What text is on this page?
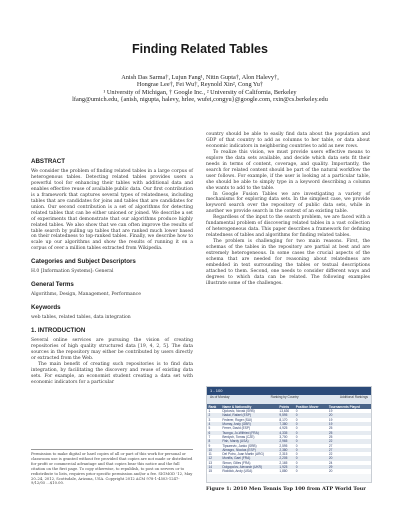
Finding Related Tables
Anish Das Sarma†, Lujun Fang¹, Nitin Gupta†, Alon Halevy†,
Hongrae Lee†, Fei Wu†, Reynold Xin², Cong Yu†
¹ University of Michigan, † Google Inc., ² University of California, Berkeley
lfang@umich.edu, {anish, nigupta, halevy, hrlee, wufei,congyu}@google.com, rxin@cs.berkeley.edu
ABSTRACT

We consider the problem of finding related tables in a large corpus of heterogenous tables. Detecting related tables provides users a powerful tool for enhancing their tables with additional data and enables effective reuse of available public data. Our first contribution is a framework that captures several types of relatedness, including tables that are candidates for joins and tables that are candidates for union. Our second contribution is a set of algorithms for detecting related tables that can be either unioned or joined. We describe a set of experiments that demonstrate that our algorithms produce highly related tables. We also show that we can often improve the results of table search by pulling up tables that are ranked much lower based on their relatedness to top-ranked tables. Finally, we describe how to scale up our algorithms and show the results of running it on a corpus of over a million tables extracted from Wikipedia.

Categories and Subject Descriptors

H.0 [Information Systems]: General

General Terms

Algorithms, Design, Management, Performance

Keywords

web tables, related tables, data integration

1. INTRODUCTION

Several online services are pursuing the vision of creating repositories of high quality structured data [19, 4, 2, 5]. The data sources in the repository may either be contributed by users directly or extracted from the Web.

The main benefit of creating such repositories is to find data integration, by facilitating the discovery and reuse of existing data sets. For example, an economist student creating a data set with economic indicators for a particular

Permission to make digital or hard copies of all or part of this work for personal or classroom use is granted without fee provided that copies are not made or distributed for profit or commercial advantage and that copies bear this notice and the full citation on the first page. To copy otherwise, to republish, to post on servers or to redistribute to lists, requires prior specific permission and/or a fee. SIGMOD '12, May 20–24, 2012, Scottsdale, Arizona, USA. Copyright 2012 ACM 978-1-4503-1247-9/12/05 ...$10.00.

country should be able to easily find data about the population and GDP of that country to add as columns to her table, or data about economic indicators in neighboring countries to add as new rows.

To realize this vision, we must provide users effective means to explore the data sets available, and decide which data sets fit their needs in terms of content, coverage, and quality. Importantly, the search for related content should be part of the natural workflow the user follows. For example, if the user is looking at a particular table, she should be able to simply type in a keyword describing a column she wants to add to the table.

In Google Fusion Tables we are investigating a variety of mechanisms for exploring data sets. In the simplest case, we provide keyword search over the repository of public data sets, while in another we provide search in the context of an existing table.

Regardless of the input to the search problem, we are faced with a fundamental problem of discovering related tables in a vast collection of heterogeneous data. This paper describes a framework for defining relatedness of tables and algorithms for finding related tables.

The problem is challenging for two main reasons. First, the schemas of the tables in the repository are partial at best and are extremely heterogeneous. In some cases the crucial aspects of the schema that are needed for reasoning about relatedness are embedded in text surrounding the tables or textual descriptions attached to them. Second, one needs to consider different ways and degrees to which data can be related. The following examples illustrate some of the challenges.

1 - 100
As of Monday	Ranking by Country	Additional Rankings
Rank	Name & Nationality	Points	Position Mover	Tournaments Played
1	Djokovic, Novak (SRB)	13,630	0	19
2	Nadal, Rafael (ESP)	9,595	0	20
3	Federer, Roger (SUI)	8,170	0	19
4	Murray, Andy (GBR)	7,380	0	19
5	Ferrer, David (ESP)	4,925	0	25
6	Tsonga, Jo-Wilfried (FRA)	4,335	0	25
7	Berdych, Tomas (CZE)	3,700	0	25
8	Fish, Mardy (USA)	2,965	0	22
9	Tipsarevic, Janko (SRB)	2,595	0	27
10	Almagro, Nicolas (ESP)	2,380	0	27
11	Del Potro, Juan Martin (ARG)	2,315	0	22
12	Monfils, Gael (FRA)	2,205	0	20
13	Simon, Gilles (FRA)	2,165	0	24
14	Dolgopolov, Alexandr (UKR)	1,925	0	29
15	Roddick, Andy (USA)	1,880	0	20
Figure 1: 2010 Men Tennis Top 100 from ATP World Tour
